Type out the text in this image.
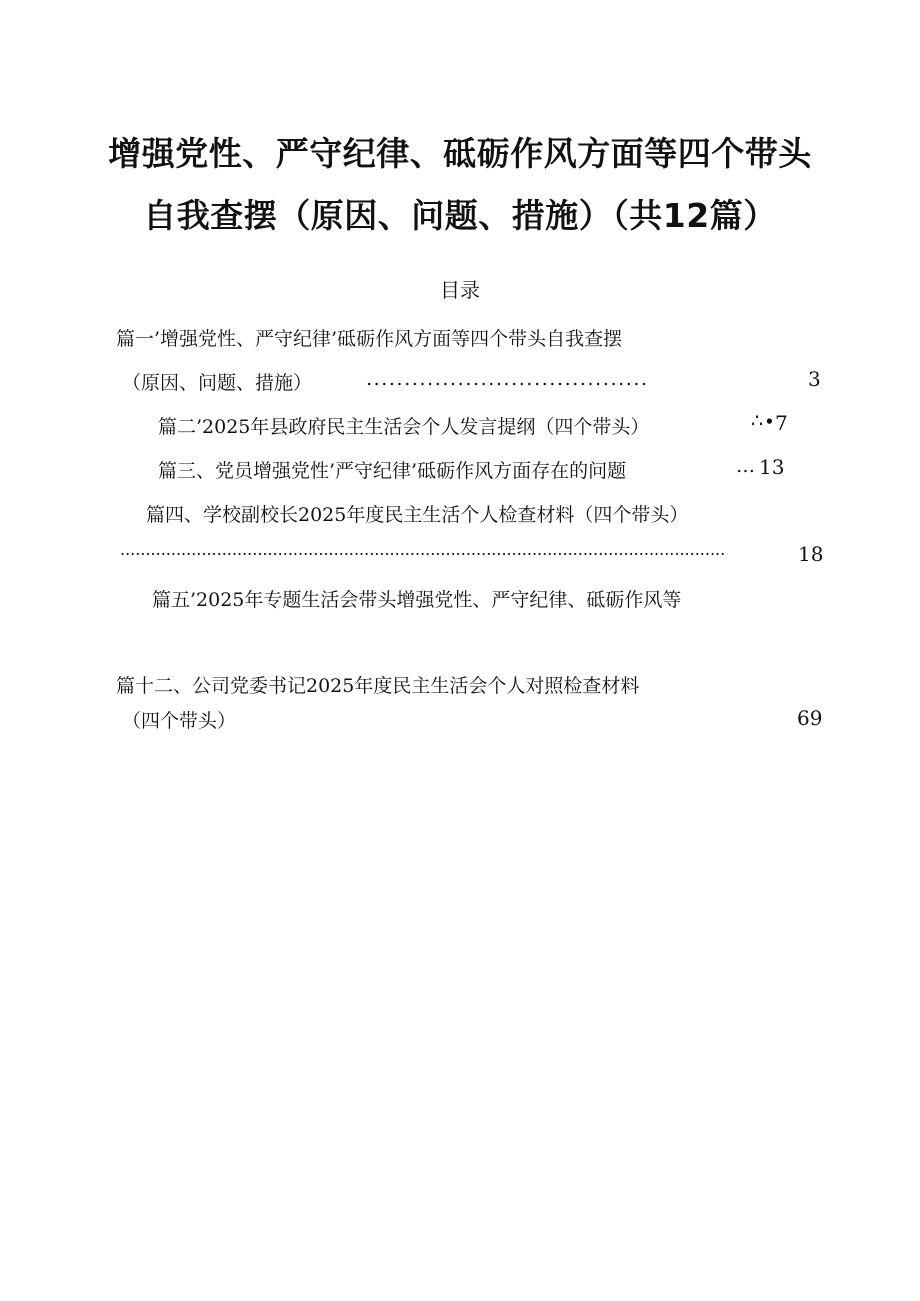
增强党性、严守纪律、砥砺作风方面等四个带头
自我查摆（原因、问题、措施）（共12篇）
目录
篇一’增强党性、严守纪律’砥砺作风方面等四个带头自我查摆
（原因、问题、措施）	.....................................	3
篇二’2025年县政府民主生活会个人发言提纲（四个带头）	∴∙ 7
篇三、党员增强党性’严守纪律’砥砺作风方面存在的问题	… 13
篇四、学校副校长2025年度民主生活个人检查材料（四个带头）
.......................................................................................................................	18
篇五’2025年专题生活会带头增强党性、严守纪律、砥砺作风等
篇十二、公司党委书记2025年度民主生活会个人对照检查材料
（四个带头）	69
